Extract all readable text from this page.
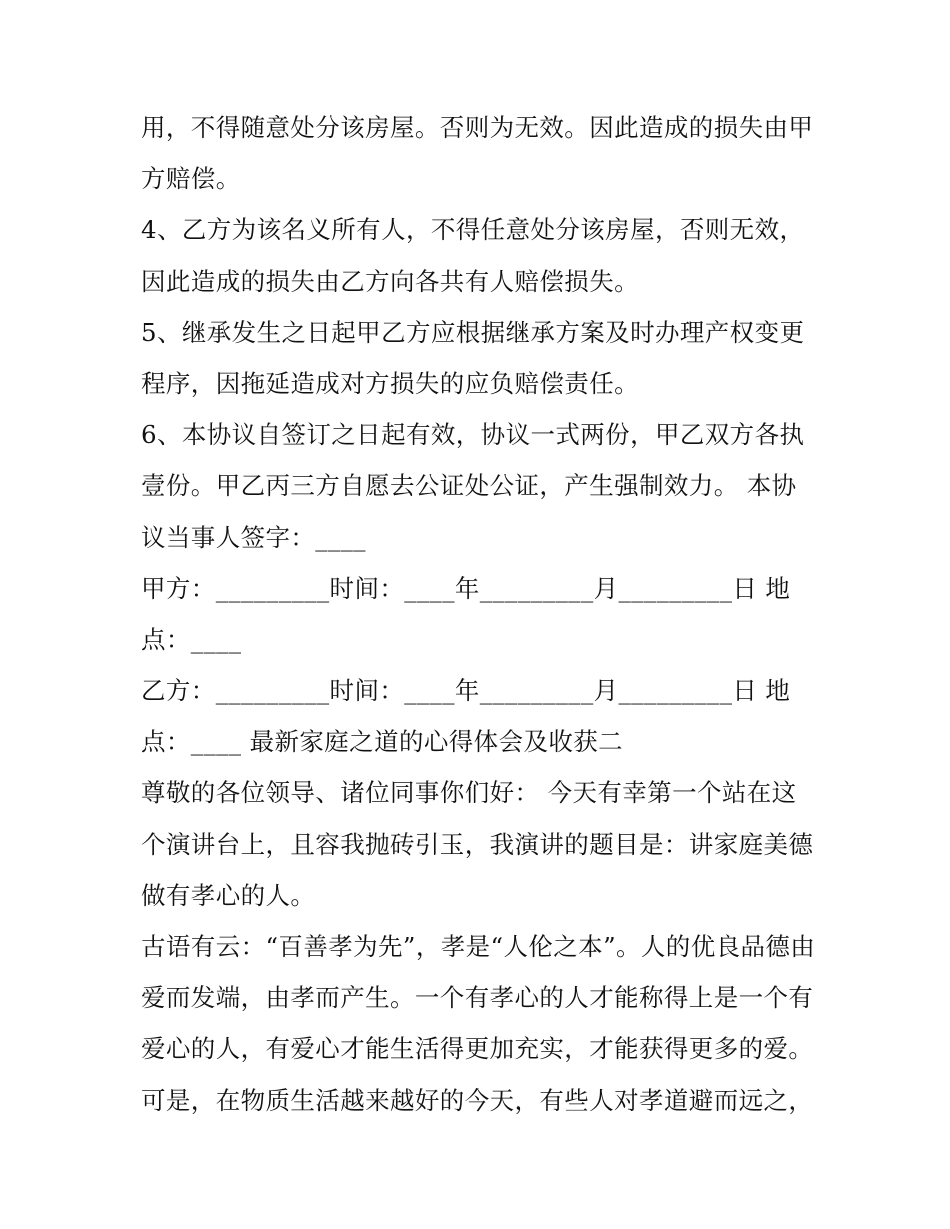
用，不得随意处分该房屋。否则为无效。因此造成的损失由甲
方赔偿。
4、乙方为该名义所有人，不得任意处分该房屋，否则无效，
因此造成的损失由乙方向各共有人赔偿损失。
5、继承发生之日起甲乙方应根据继承方案及时办理产权变更
程序，因拖延造成对方损失的应负赔偿责任。
6、本协议自签订之日起有效，协议一式两份，甲乙双方各执
壹份。甲乙丙三方自愿去公证处公证，产生强制效力。 本协
议当事人签字：____
甲方：_________时间：____年_________月_________日 地
点：____
乙方：_________时间：____年_________月_________日 地
点：____ 最新家庭之道的心得体会及收获二
尊敬的各位领导、诸位同事你们好： 今天有幸第一个站在这
个演讲台上，且容我抛砖引玉，我演讲的题目是：讲家庭美德
做有孝心的人。
古语有云：“百善孝为先”，孝是“人伦之本”。人的优良品德由
爱而发端，由孝而产生。一个有孝心的人才能称得上是一个有
爱心的人，有爱心才能生活得更加充实，才能获得更多的爱。
可是，在物质生活越来越好的今天，有些人对孝道避而远之，
